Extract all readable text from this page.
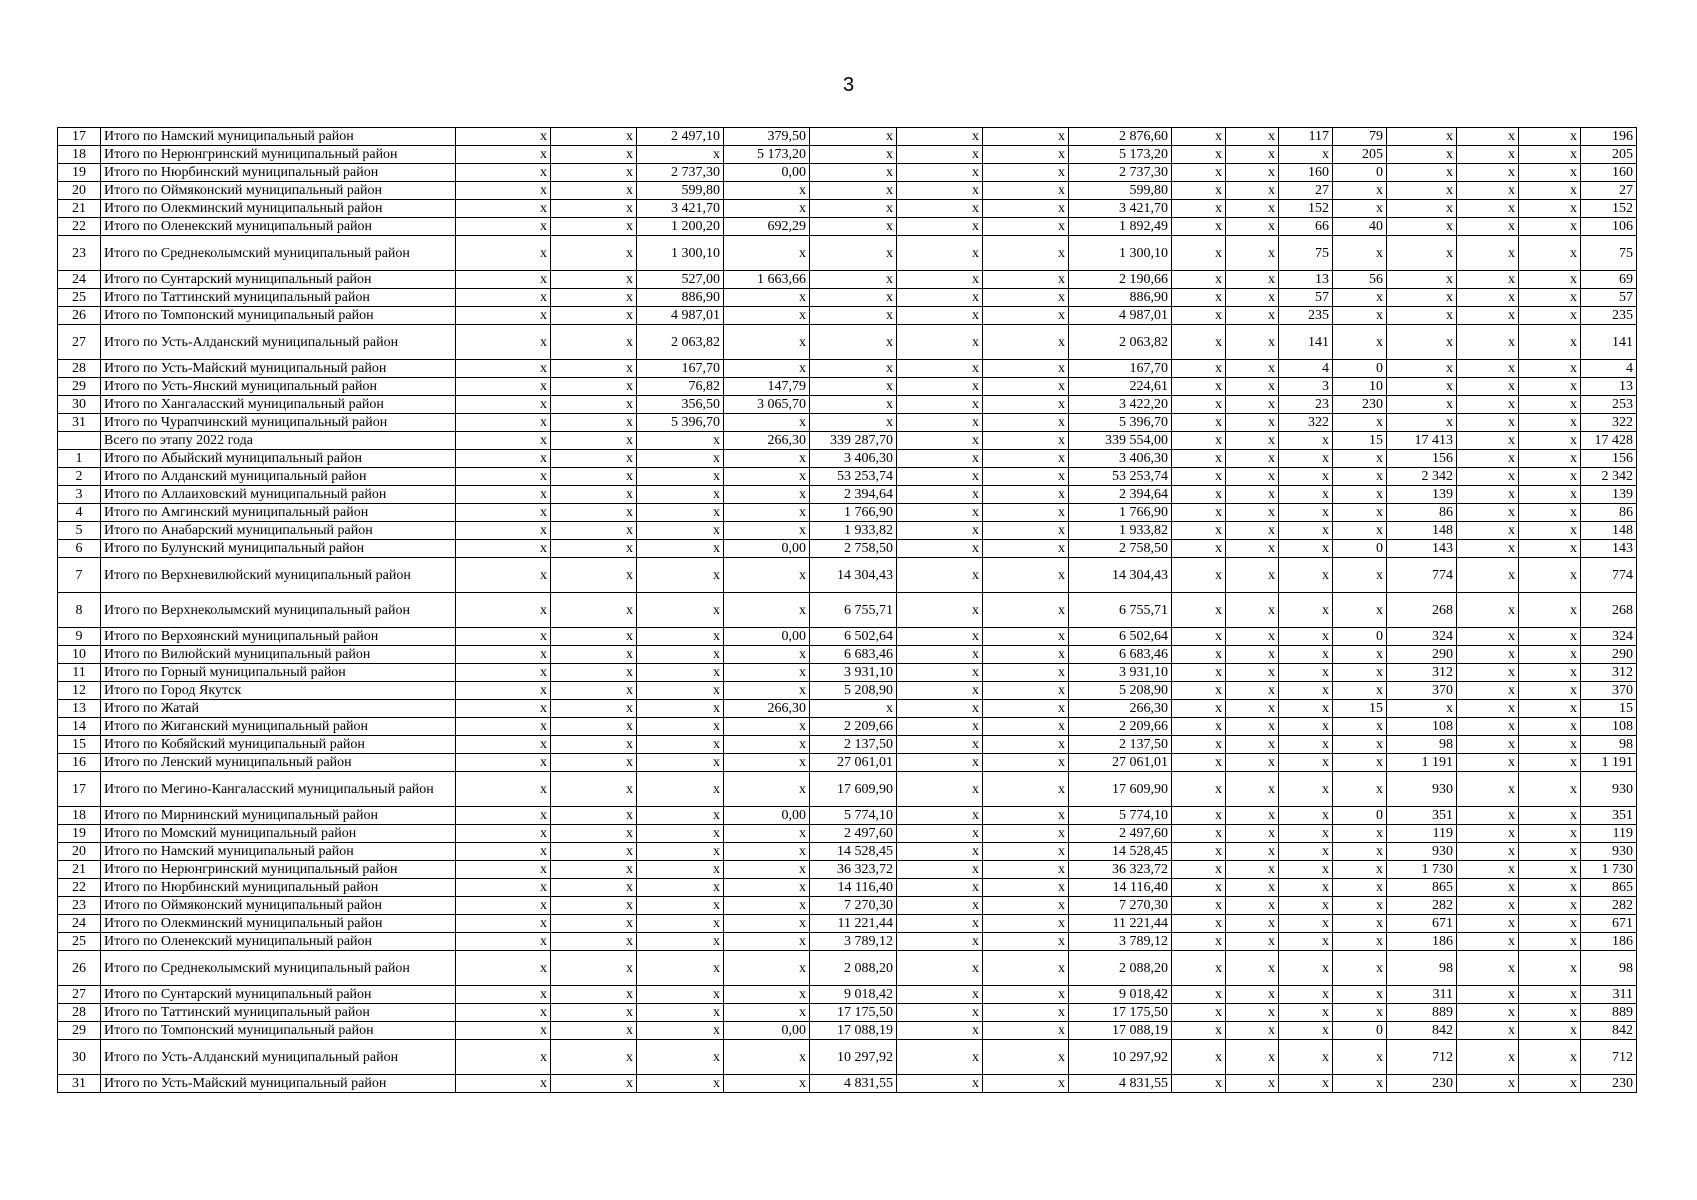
3
17	Итого по Намский муниципальный район	x	x	2 497,10	379,50	x	x	x	2 876,60	x	x	117	79	x	x	x	196
18	Итого по Нерюнгринский муниципальный район	x	x	x	5 173,20	x	x	x	5 173,20	x	x	x	205	x	x	x	205
19	Итого по Нюрбинский муниципальный район	x	x	2 737,30	0,00	x	x	x	2 737,30	x	x	160	0	x	x	x	160
20	Итого по Оймяконский муниципальный район	x	x	599,80	x	x	x	x	599,80	x	x	27	x	x	x	x	27
21	Итого по Олекминский муниципальный район	x	x	3 421,70	x	x	x	x	3 421,70	x	x	152	x	x	x	x	152
22	Итого по Оленекский муниципальный район	x	x	1 200,20	692,29	x	x	x	1 892,49	x	x	66	40	x	x	x	106
23	Итого по Среднеколымский муниципальный район	x	x	1 300,10	x	x	x	x	1 300,10	x	x	75	x	x	x	x	75
24	Итого по Сунтарский муниципальный район	x	x	527,00	1 663,66	x	x	x	2 190,66	x	x	13	56	x	x	x	69
25	Итого по Таттинский муниципальный район	x	x	886,90	x	x	x	x	886,90	x	x	57	x	x	x	x	57
26	Итого по Томпонский муниципальный район	x	x	4 987,01	x	x	x	x	4 987,01	x	x	235	x	x	x	x	235
27	Итого по Усть-Алданский муниципальный район	x	x	2 063,82	x	x	x	x	2 063,82	x	x	141	x	x	x	x	141
28	Итого по Усть-Майский муниципальный район	x	x	167,70	x	x	x	x	167,70	x	x	4	0	x	x	x	4
29	Итого по Усть-Янский муниципальный район	x	x	76,82	147,79	x	x	x	224,61	x	x	3	10	x	x	x	13
30	Итого по Хангаласский муниципальный район	x	x	356,50	3 065,70	x	x	x	3 422,20	x	x	23	230	x	x	x	253
31	Итого по Чурапчинский муниципальный район	x	x	5 396,70	x	x	x	x	5 396,70	x	x	322	x	x	x	x	322
	Всего по этапу 2022 года	x	x	x	266,30	339 287,70	x	x	339 554,00	x	x	x	15	17 413	x	x	17 428
1	Итого по Абыйский муниципальный район	x	x	x	x	3 406,30	x	x	3 406,30	x	x	x	x	156	x	x	156
2	Итого по Алданский муниципальный район	x	x	x	x	53 253,74	x	x	53 253,74	x	x	x	x	2 342	x	x	2 342
3	Итого по Аллаиховский муниципальный район	x	x	x	x	2 394,64	x	x	2 394,64	x	x	x	x	139	x	x	139
4	Итого по Амгинский муниципальный район	x	x	x	x	1 766,90	x	x	1 766,90	x	x	x	x	86	x	x	86
5	Итого по Анабарский муниципальный район	x	x	x	x	1 933,82	x	x	1 933,82	x	x	x	x	148	x	x	148
6	Итого по Булунский муниципальный район	x	x	x	0,00	2 758,50	x	x	2 758,50	x	x	x	0	143	x	x	143
7	Итого по Верхневилюйский муниципальный район	x	x	x	x	14 304,43	x	x	14 304,43	x	x	x	x	774	x	x	774
8	Итого по Верхнеколымский муниципальный район	x	x	x	x	6 755,71	x	x	6 755,71	x	x	x	x	268	x	x	268
9	Итого по Верхоянский муниципальный район	x	x	x	0,00	6 502,64	x	x	6 502,64	x	x	x	0	324	x	x	324
10	Итого по Вилюйский муниципальный район	x	x	x	x	6 683,46	x	x	6 683,46	x	x	x	x	290	x	x	290
11	Итого по Горный муниципальный район	x	x	x	x	3 931,10	x	x	3 931,10	x	x	x	x	312	x	x	312
12	Итого по Город Якутск	x	x	x	x	5 208,90	x	x	5 208,90	x	x	x	x	370	x	x	370
13	Итого по Жатай	x	x	x	266,30	x	x	x	266,30	x	x	x	15	x	x	x	15
14	Итого по Жиганский муниципальный район	x	x	x	x	2 209,66	x	x	2 209,66	x	x	x	x	108	x	x	108
15	Итого по Кобяйский муниципальный район	x	x	x	x	2 137,50	x	x	2 137,50	x	x	x	x	98	x	x	98
16	Итого по Ленский муниципальный район	x	x	x	x	27 061,01	x	x	27 061,01	x	x	x	x	1 191	x	x	1 191
17	Итого по Мегино-Кангаласский муниципальный район	x	x	x	x	17 609,90	x	x	17 609,90	x	x	x	x	930	x	x	930
18	Итого по Мирнинский муниципальный район	x	x	x	0,00	5 774,10	x	x	5 774,10	x	x	x	0	351	x	x	351
19	Итого по Момский муниципальный район	x	x	x	x	2 497,60	x	x	2 497,60	x	x	x	x	119	x	x	119
20	Итого по Намский муниципальный район	x	x	x	x	14 528,45	x	x	14 528,45	x	x	x	x	930	x	x	930
21	Итого по Нерюнгринский муниципальный район	x	x	x	x	36 323,72	x	x	36 323,72	x	x	x	x	1 730	x	x	1 730
22	Итого по Нюрбинский муниципальный район	x	x	x	x	14 116,40	x	x	14 116,40	x	x	x	x	865	x	x	865
23	Итого по Оймяконский муниципальный район	x	x	x	x	7 270,30	x	x	7 270,30	x	x	x	x	282	x	x	282
24	Итого по Олекминский муниципальный район	x	x	x	x	11 221,44	x	x	11 221,44	x	x	x	x	671	x	x	671
25	Итого по Оленекский муниципальный район	x	x	x	x	3 789,12	x	x	3 789,12	x	x	x	x	186	x	x	186
26	Итого по Среднеколымский муниципальный район	x	x	x	x	2 088,20	x	x	2 088,20	x	x	x	x	98	x	x	98
27	Итого по Сунтарский муниципальный район	x	x	x	x	9 018,42	x	x	9 018,42	x	x	x	x	311	x	x	311
28	Итого по Таттинский муниципальный район	x	x	x	x	17 175,50	x	x	17 175,50	x	x	x	x	889	x	x	889
29	Итого по Томпонский муниципальный район	x	x	x	0,00	17 088,19	x	x	17 088,19	x	x	x	0	842	x	x	842
30	Итого по Усть-Алданский муниципальный район	x	x	x	x	10 297,92	x	x	10 297,92	x	x	x	x	712	x	x	712
31	Итого по Усть-Майский муниципальный район	x	x	x	x	4 831,55	x	x	4 831,55	x	x	x	x	230	x	x	230
